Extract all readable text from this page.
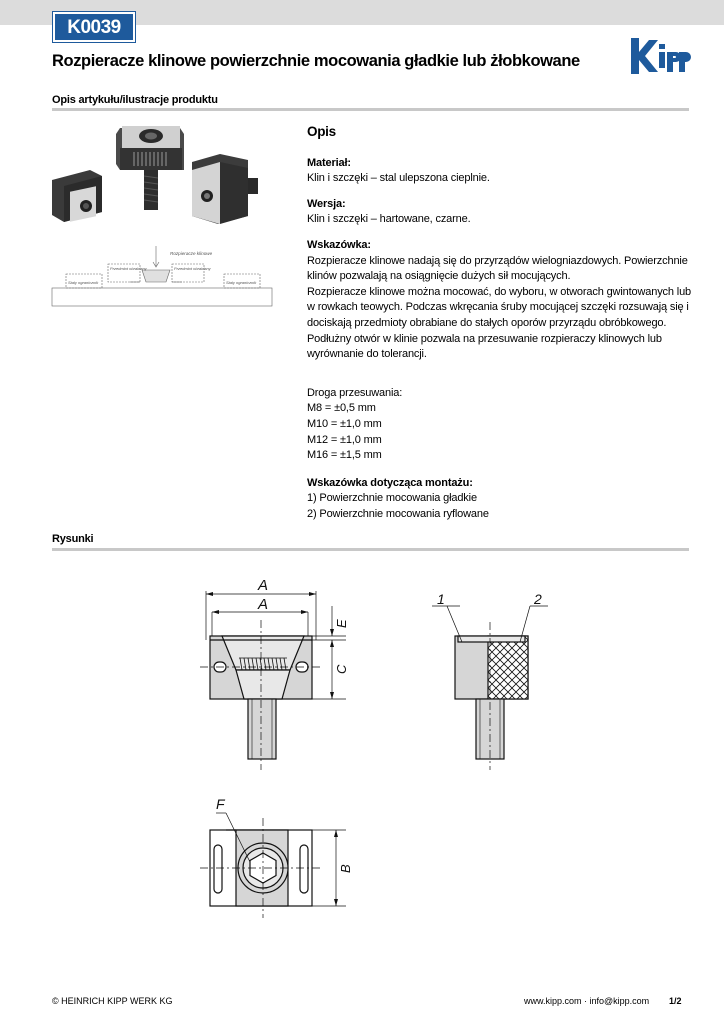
K0039
Rozpieracze klinowe powierzchnie mocowania gładkie lub żłobkowane
Opis artykułu/ilustracje produktu
Rozpieracze klinowe
Przedmiot obrabiany	Przedmiot obrabiany
Stały ogranicznik	Stały ogranicznik
Opis
Materiał:
Klin i szczęki – stal ulepszona cieplnie.
Wersja:
Klin i szczęki – hartowane, czarne.
Wskazówka:
Rozpieracze klinowe nadają się do przyrządów wielogniazdowych. Powierzchnie
klinów pozwalają na osiągnięcie dużych sił mocujących.
Rozpieracze klinowe można mocować, do wyboru, w otworach gwintowanych lub
w rowkach teowych. Podczas wkręcania śruby mocującej szczęki rozsuwają się i
dociskają przedmioty obrabiane do stałych oporów przyrządu obróbkowego.
Podłużny otwór w klinie pozwala na przesuwanie rozpieraczy klinowych lub
wyrównanie do tolerancji.
Droga przesuwania:
M8 = ±0,5 mm
M10 = ±1,0 mm
M12 = ±1,0 mm
M16 = ±1,5 mm
Wskazówka dotycząca montażu:
1) Powierzchnie mocowania gładkie
2) Powierzchnie mocowania ryflowane
Rysunki
A
A
E
C
1	2
F
B
© HEINRICH KIPP WERK KG	www.kipp.com · info@kipp.com 1/2
